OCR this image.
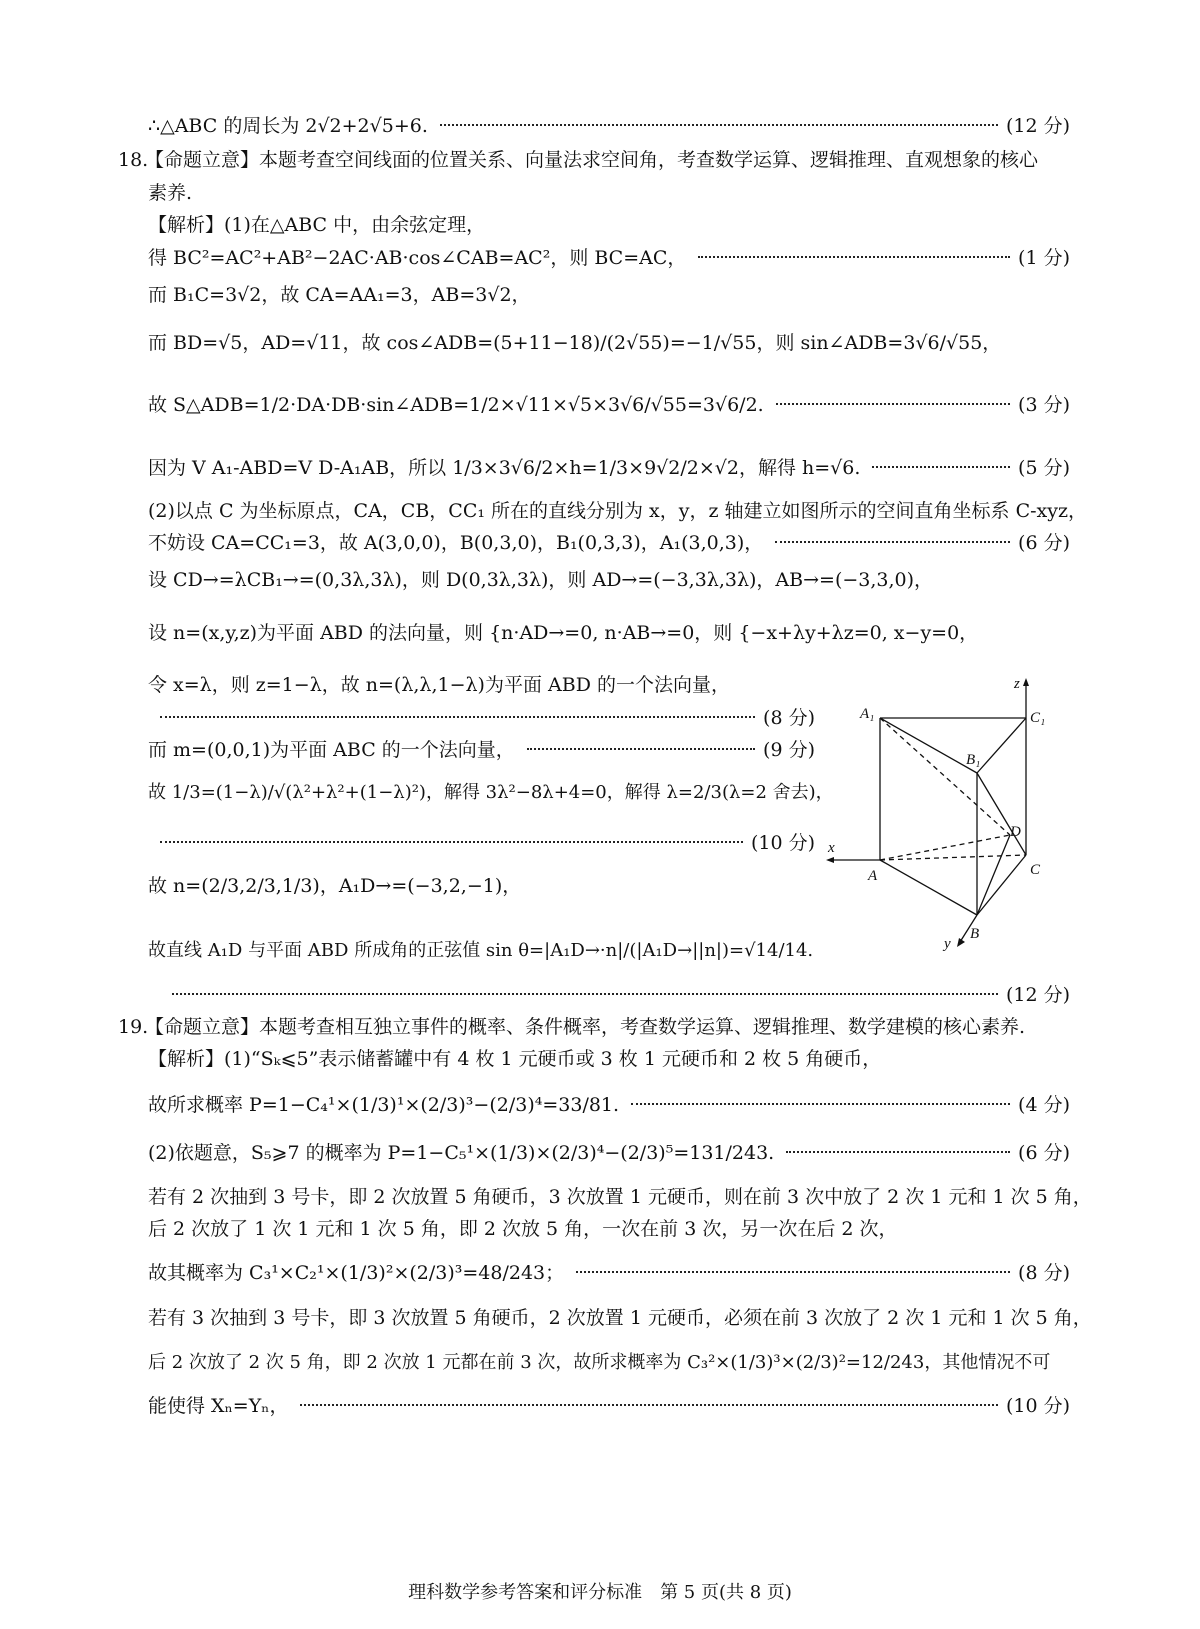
∴△ABC 的周长为 2√2+2√5+6.	(12 分)
18.
【命题立意】本题考查空间线面的位置关系、向量法求空间角，考查数学运算、逻辑推理、直观想象的核心
素养.
【解析】(1)在△ABC 中，由余弦定理，
得 BC²=AC²+AB²−2AC·AB·cos∠CAB=AC²，则 BC=AC，	(1 分)
而 B₁C=3√2，故 CA=AA₁=3，AB=3√2，
而 BD=√5，AD=√11，故 cos∠ADB=(5+11−18)/(2√55)=−1/√55，则 sin∠ADB=3√6/√55，
故 S△ADB=1/2·DA·DB·sin∠ADB=1/2×√11×√5×3√6/√55=3√6/2.	(3 分)
因为 V A₁-ABD=V D-A₁AB，所以 1/3×3√6/2×h=1/3×9√2/2×√2，解得 h=√6.	(5 分)
(2)以点 C 为坐标原点，CA，CB，CC₁ 所在的直线分别为 x，y，z 轴建立如图所示的空间直角坐标系 C-xyz，
不妨设 CA=CC₁=3，故 A(3,0,0)，B(0,3,0)，B₁(0,3,3)，A₁(3,0,3)，	(6 分)
设 CD→=λCB₁→=(0,3λ,3λ)，则 D(0,3λ,3λ)，则 AD→=(−3,3λ,3λ)，AB→=(−3,3,0)，
设 n=(x,y,z)为平面 ABD 的法向量，则 {n·AD→=0, n·AB→=0，则 {−x+λy+λz=0, x−y=0，
令 x=λ，则 z=1−λ，故 n=(λ,λ,1−λ)为平面 ABD 的一个法向量，
(8 分)
而 m=(0,0,1)为平面 ABC 的一个法向量，	(9 分)
故 1/3=(1−λ)/√(λ²+λ²+(1−λ)²)，解得 3λ²−8λ+4=0，解得 λ=2/3(λ=2 舍去)，
(10 分)
故 n=(2/3,2/3,1/3)，A₁D→=(−3,2,−1)，
故直线 A₁D 与平面 ABD 所成角的正弦值 sin θ=|A₁D→·n|/(|A₁D→||n|)=√14/14.
(12 分)
19.
【命题立意】本题考查相互独立事件的概率、条件概率，考查数学运算、逻辑推理、数学建模的核心素养.
【解析】(1)“Sₖ⩽5”表示储蓄罐中有 4 枚 1 元硬币或 3 枚 1 元硬币和 2 枚 5 角硬币，
故所求概率 P=1−C₄¹×(1/3)¹×(2/3)³−(2/3)⁴=33/81.	(4 分)
(2)依题意，S₅⩾7 的概率为 P=1−C₅¹×(1/3)×(2/3)⁴−(2/3)⁵=131/243.	(6 分)
若有 2 次抽到 3 号卡，即 2 次放置 5 角硬币，3 次放置 1 元硬币，则在前 3 次中放了 2 次 1 元和 1 次 5 角，
后 2 次放了 1 次 1 元和 1 次 5 角，即 2 次放 5 角，一次在前 3 次，另一次在后 2 次，
故其概率为 C₃¹×C₂¹×(1/3)²×(2/3)³=48/243；	(8 分)
若有 3 次抽到 3 号卡，即 3 次放置 5 角硬币，2 次放置 1 元硬币，必须在前 3 次放了 2 次 1 元和 1 次 5 角，
后 2 次放了 2 次 5 角，即 2 次放 1 元都在前 3 次，故所求概率为 C₃²×(1/3)³×(2/3)²=12/243，其他情况不可
能使得 Xₙ=Yₙ，	(10 分)
z
x
y
A₁	C₁
B₁
D
A	C
B
理科数学参考答案和评分标准　第 5 页(共 8 页)
